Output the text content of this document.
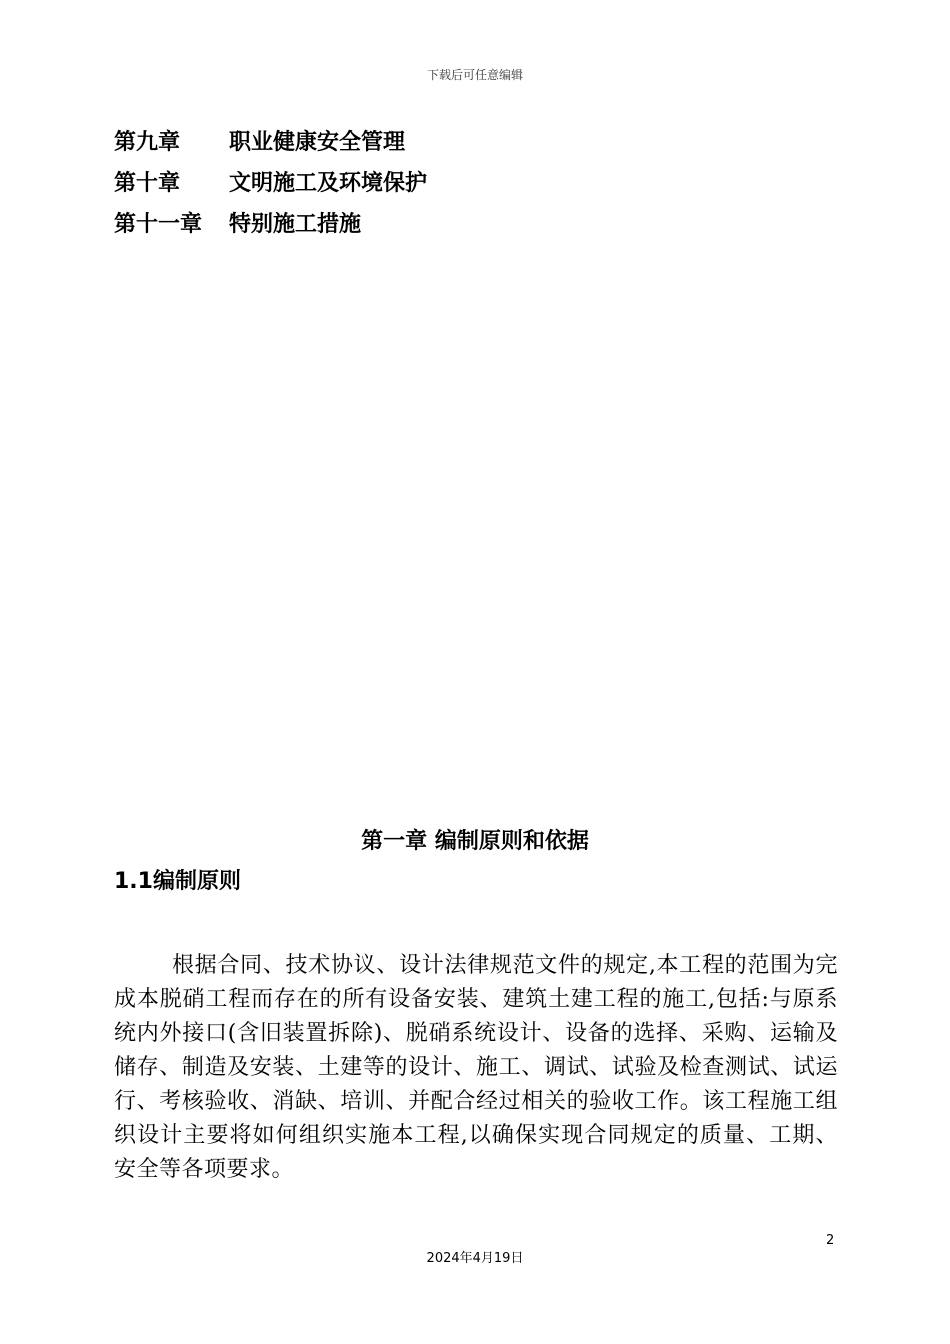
下载后可任意编辑
第九章	职业健康安全管理
第十章	文明施工及环境保护
第十一章	特别施工措施
第一章 编制原则和依据
1.1编制原则

根据合同、技术协议、设计法律规范文件的规定,本工程的范围为完成本脱硝工程而存在的所有设备安装、建筑土建工程的施工,包括:与原系统内外接口(含旧装置拆除)、脱硝系统设计、设备的选择、采购、运输及储存、制造及安装、土建等的设计、施工、调试、试验及检查测试、试运行、考核验收、消缺、培训、并配合经过相关的验收工作。该工程施工组织设计主要将如何组织实施本工程,以确保实现合同规定的质量、工期、安全等各项要求。

2
2024年4月19日
